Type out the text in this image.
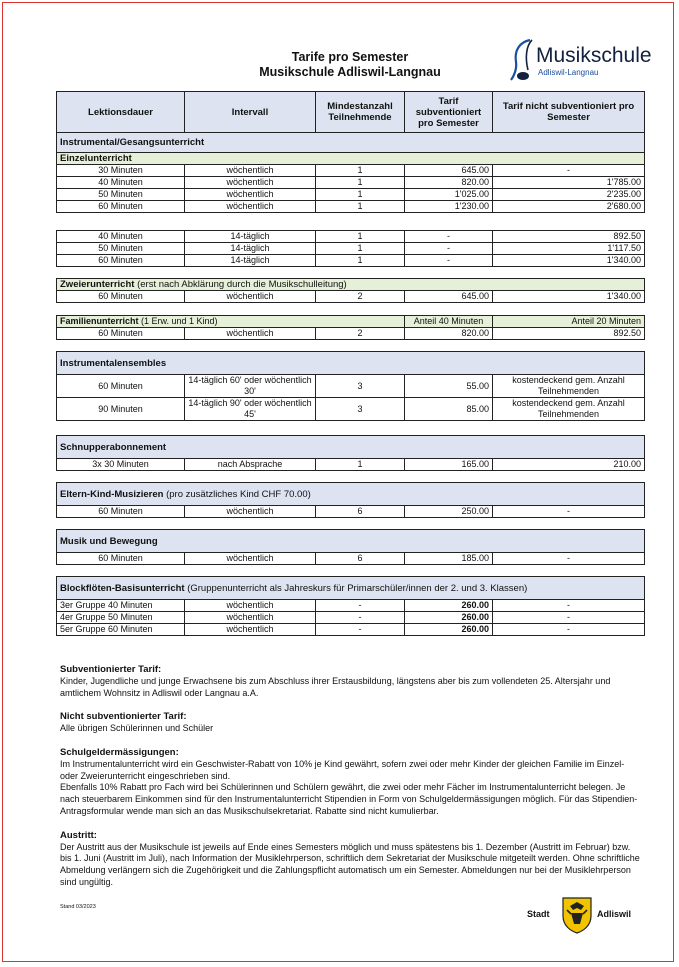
Tarife pro Semester
Musikschule Adliswil-Langnau
Musikschule
Adliswil-Langnau
Lektionsdauer	Intervall	Mindestanzahl Teilnehmende	Tarif subventioniert pro Semester	Tarif nicht subventioniert pro Semester
Instrumental/Gesangsunterricht				
Einzelunterricht				
30 Minuten	wöchentlich	1	645.00	-
40 Minuten	wöchentlich	1	820.00	1'785.00
50 Minuten	wöchentlich	1	1'025.00	2'235.00
60 Minuten	wöchentlich	1	1'230.00	2'680.00
40 Minuten	14-täglich	1	-	892.50
50 Minuten	14-täglich	1	-	1'117.50
60 Minuten	14-täglich	1	-	1'340.00
Zweierunterricht (erst nach Abklärung durch die Musikschulleitung)
60 Minuten	wöchentlich	2	645.00	1'340.00
Familienunterricht (1 Erw. und 1 Kind)			Anteil 40 Minuten	Anteil 20 Minuten
60 Minuten	wöchentlich	2	820.00	892.50
Instrumentalensembles				
60 Minuten	14-täglich 60' oder wöchentlich 30'	3	55.00	kostendeckend gem. Anzahl Teilnehmenden
90 Minuten	14-täglich 90' oder wöchentlich 45'	3	85.00	kostendeckend gem. Anzahl Teilnehmenden
Schnupperabonnement
3x 30 Minuten	nach Absprache	1	165.00	210.00
Eltern-Kind-Musizieren (pro zusätzliches Kind CHF 70.00)
60 Minuten	wöchentlich	6	250.00	-
Musik und Bewegung
60 Minuten	wöchentlich	6	185.00	-
Blockflöten-Basisunterricht (Gruppenunterricht als Jahreskurs für Primarschüler/innen der 2. und 3. Klassen)				
3er Gruppe 40 Minuten	wöchentlich	-	260.00	-
4er Gruppe 50 Minuten	wöchentlich	-	260.00	-
5er Gruppe 60 Minuten	wöchentlich	-	260.00	-
Subventionierter Tarif:

Kinder, Jugendliche und junge Erwachsene bis zum Abschluss ihrer Erstausbildung, längstens aber bis zum vollendeten 25. Altersjahr und amtlichem Wohnsitz in Adliswil oder Langnau a.A.

Nicht subventionierter Tarif:

Alle übrigen Schülerinnen und Schüler

Schulgeldermässigungen:

Im Instrumentalunterricht wird ein Geschwister-Rabatt von 10% je Kind gewährt, sofern zwei oder mehr Kinder der gleichen Familie im Einzel- oder Zweierunterricht eingeschrieben sind.

Ebenfalls 10% Rabatt pro Fach wird bei Schülerinnen und Schülern gewährt, die zwei oder mehr Fächer im Instrumentalunterricht belegen. Je nach steuerbarem Einkommen sind für den Instrumentalunterricht Stipendien in Form von Schulgeldermässigungen möglich. Für das Stipendien-Antragsformular wende man sich an das Musikschulsekretariat. Rabatte sind nicht kumulierbar.

Austritt:

Der Austritt aus der Musikschule ist jeweils auf Ende eines Semesters möglich und muss spätestens bis 1. Dezember (Austritt im Februar) bzw. bis 1. Juni (Austritt im Juli), nach Information der Musiklehrperson, schriftlich dem Sekretariat der Musikschule mitgeteilt werden. Ohne schriftliche Abmeldung verlängern sich die Zugehörigkeit und die Zahlungspflicht automatisch um ein Semester. Abmeldungen nur bei der Musiklehrperson sind ungültig.

Stand 03/2023
Stadt	Adliswil
